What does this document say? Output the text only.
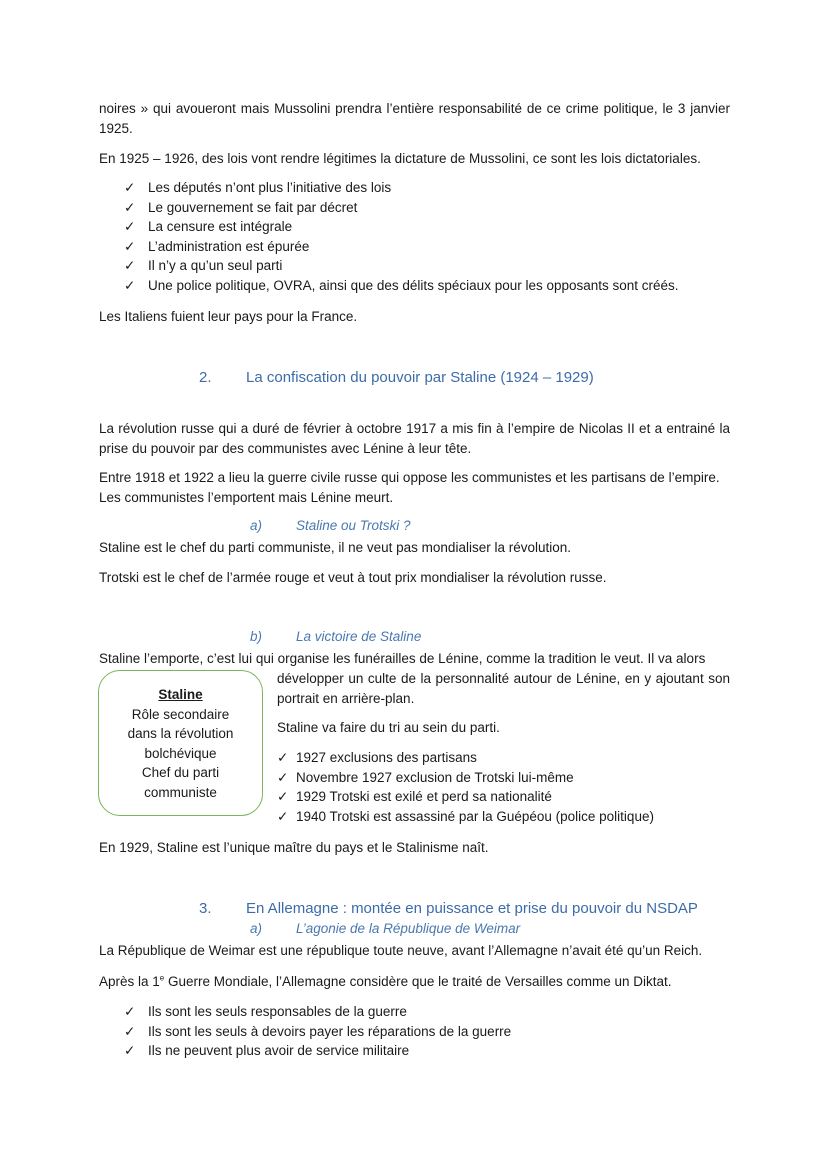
noires » qui avoueront mais Mussolini prendra l’entière responsabilité de ce crime politique, le 3 janvier 1925.
En 1925 – 1926, des lois vont rendre légitimes la dictature de Mussolini, ce sont les lois dictatoriales.
✓ Les députés n’ont plus l’initiative des lois
✓ Le gouvernement se fait par décret
✓ La censure est intégrale
✓ L’administration est épurée
✓ Il n’y a qu’un seul parti
✓ Une police politique, OVRA, ainsi que des délits spéciaux pour les opposants sont créés.
Les Italiens fuient leur pays pour la France.
2. La confiscation du pouvoir par Staline (1924 – 1929)
La révolution russe qui a duré de février à octobre 1917 a mis fin à l’empire de Nicolas II et a entrainé la prise du pouvoir par des communistes avec Lénine à leur tête.
Entre 1918 et 1922 a lieu la guerre civile russe qui oppose les communistes et les partisans de l’empire. Les communistes l’emportent mais Lénine meurt.
a)	Staline ou Trotski ?
Staline est le chef du parti communiste, il ne veut pas mondialiser la révolution.
Trotski est le chef de l’armée rouge et veut à tout prix mondialiser la révolution russe.
b)	La victoire de Staline
Staline l’emporte, c’est lui qui organise les funérailles de Lénine, comme la tradition le veut. Il va alors
Staline
Rôle secondaire
dans la révolution
bolchévique
Chef du parti
communiste
développer un culte de la personnalité autour de Lénine, en y ajoutant son portrait en arrière-plan.
Staline va faire du tri au sein du parti.
✓ 1927 exclusions des partisans
✓ Novembre 1927 exclusion de Trotski lui-même
✓ 1929 Trotski est exilé et perd sa nationalité
✓ 1940 Trotski est assassiné par la Guépéou (police politique)
En 1929, Staline est l’unique maître du pays et le Stalinisme naît.
3. En Allemagne : montée en puissance et prise du pouvoir du NSDAP
a)	L’agonie de la République de Weimar
La République de Weimar est une république toute neuve, avant l’Allemagne n’avait été qu’un Reich.
Après la 1e Guerre Mondiale, l’Allemagne considère que le traité de Versailles comme un Diktat.
✓ Ils sont les seuls responsables de la guerre
✓ Ils sont les seuls à devoirs payer les réparations de la guerre
✓ Ils ne peuvent plus avoir de service militaire
